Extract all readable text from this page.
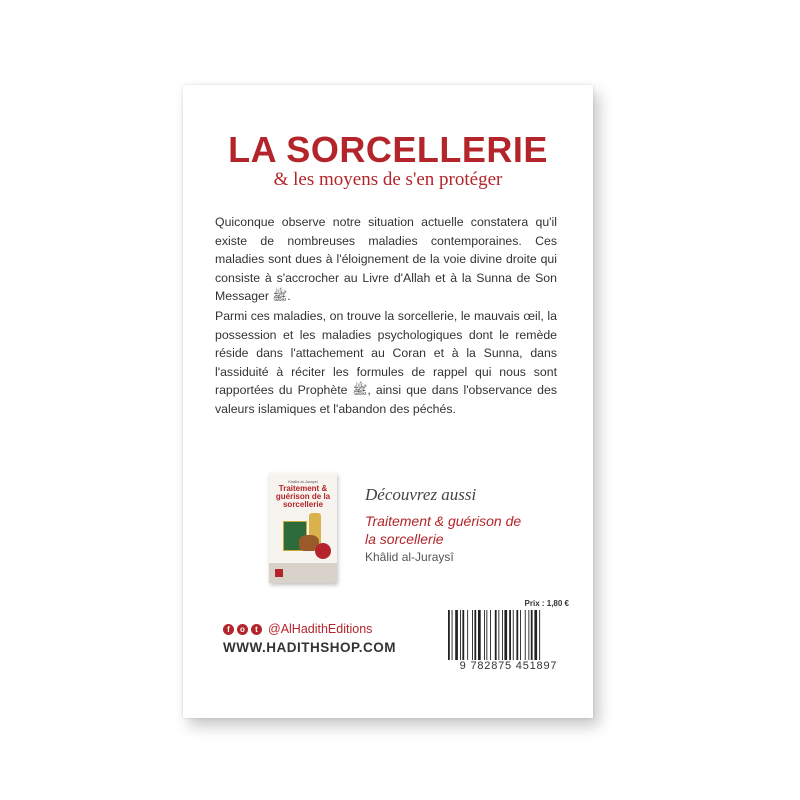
LA SORCELLERIE
& les moyens de s'en protéger

Quiconque observe notre situation actuelle constatera qu'il existe de nombreuses maladies contemporaines. Ces maladies sont dues à l'éloignement de la voie divine droite qui consiste à s'accrocher au Livre d'Allah et à la Sunna de Son Messager ﷺ.

Parmi ces maladies, on trouve la sorcellerie, le mauvais œil, la possession et les maladies psychologiques dont le remède réside dans l'attachement au Coran et à la Sunna, dans l'assiduité à réciter les formules de rappel qui nous sont rapportées du Prophète ﷺ, ainsi que dans l'observance des valeurs islamiques et l'abandon des péchés.

Khâlid al-Juraysî
Traitement & guérison de la sorcellerie
Découvrez aussi
Traitement & guérison de la sorcellerie
Khâlid al-Juraysî
f	o	t @AlHadithEditions
WWW.HADITHSHOP.COM
Prix : 1,80 €
9 782875 451897
